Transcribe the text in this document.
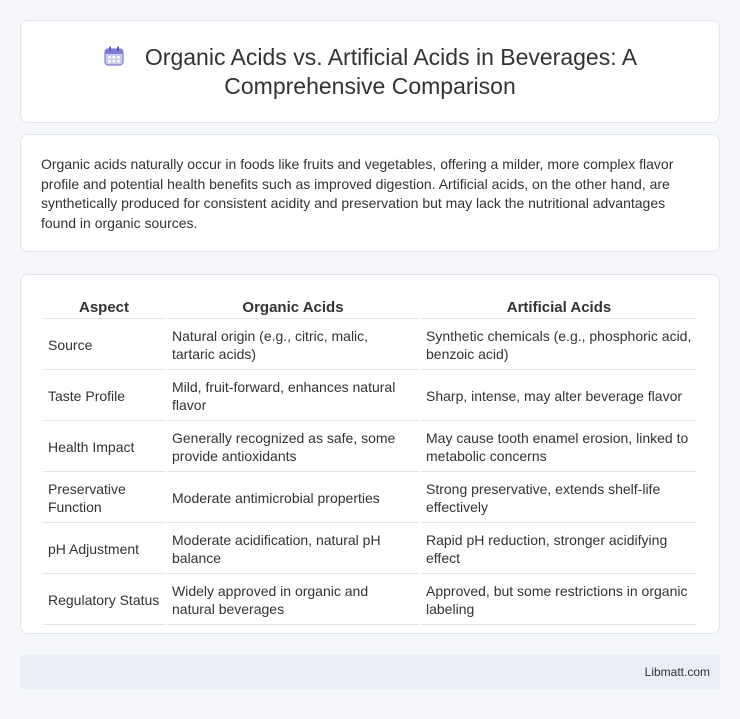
Organic Acids vs. Artificial Acids in Beverages: A Comprehensive Comparison

Organic acids naturally occur in foods like fruits and vegetables, offering a milder, more complex flavor profile and potential health benefits such as improved digestion. Artificial acids, on the other hand, are synthetically produced for consistent acidity and preservation but may lack the nutritional advantages found in organic sources.

Aspect	Organic Acids	Artificial Acids
Source	Natural origin (e.g., citric, malic, tartaric acids)	Synthetic chemicals (e.g., phosphoric acid, benzoic acid)
Taste Profile	Mild, fruit-forward, enhances natural flavor	Sharp, intense, may alter beverage flavor
Health Impact	Generally recognized as safe, some provide antioxidants	May cause tooth enamel erosion, linked to metabolic concerns
Preservative Function	Moderate antimicrobial properties	Strong preservative, extends shelf-life effectively
pH Adjustment	Moderate acidification, natural pH balance	Rapid pH reduction, stronger acidifying effect
Regulatory Status	Widely approved in organic and natural beverages	Approved, but some restrictions in organic labeling
Libmatt.com
